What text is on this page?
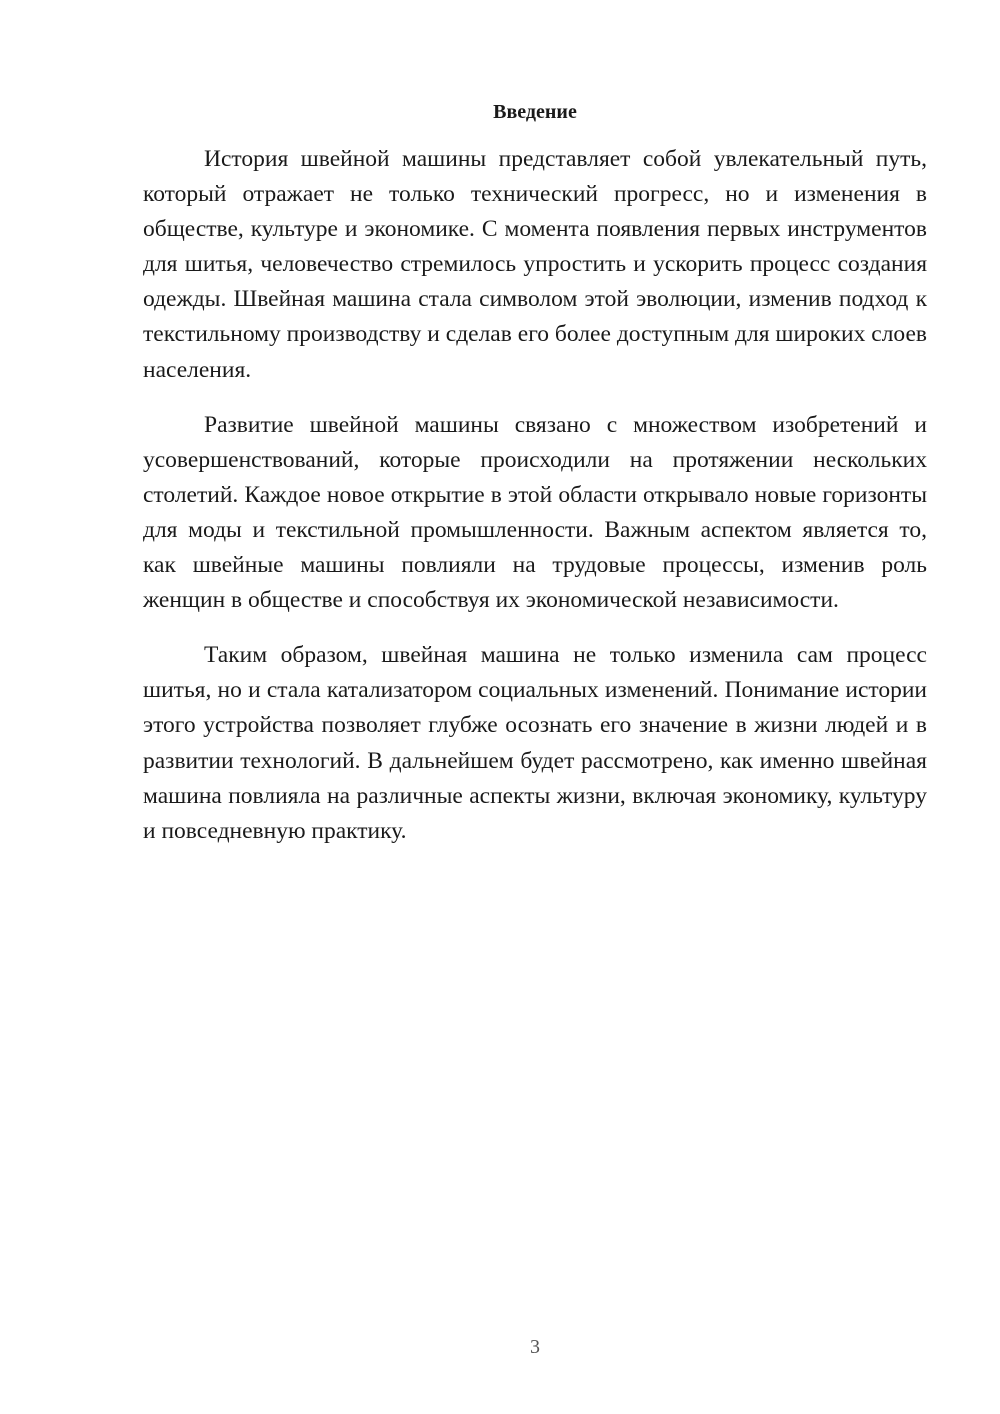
Введение

История швейной машины представляет собой увлекательный путь, который отражает не только технический прогресс, но и изменения в обществе, культуре и экономике. С момента появления первых инструментов для шитья, человечество стремилось упростить и ускорить процесс создания одежды. Швейная машина стала символом этой эволюции, изменив подход к текстильному производству и сделав его более доступным для широких слоев населения.

Развитие швейной машины связано с множеством изобретений и усовершенствований, которые происходили на протяжении нескольких столетий. Каждое новое открытие в этой области открывало новые горизонты для моды и текстильной промышленности. Важным аспектом является то, как швейные машины повлияли на трудовые процессы, изменив роль женщин в обществе и способствуя их экономической независимости.

Таким образом, швейная машина не только изменила сам процесс шитья, но и стала катализатором социальных изменений. Понимание истории этого устройства позволяет глубже осознать его значение в жизни людей и в развитии технологий. В дальнейшем будет рассмотрено, как именно швейная машина повлияла на различные аспекты жизни, включая экономику, культуру и повседневную практику.

3
